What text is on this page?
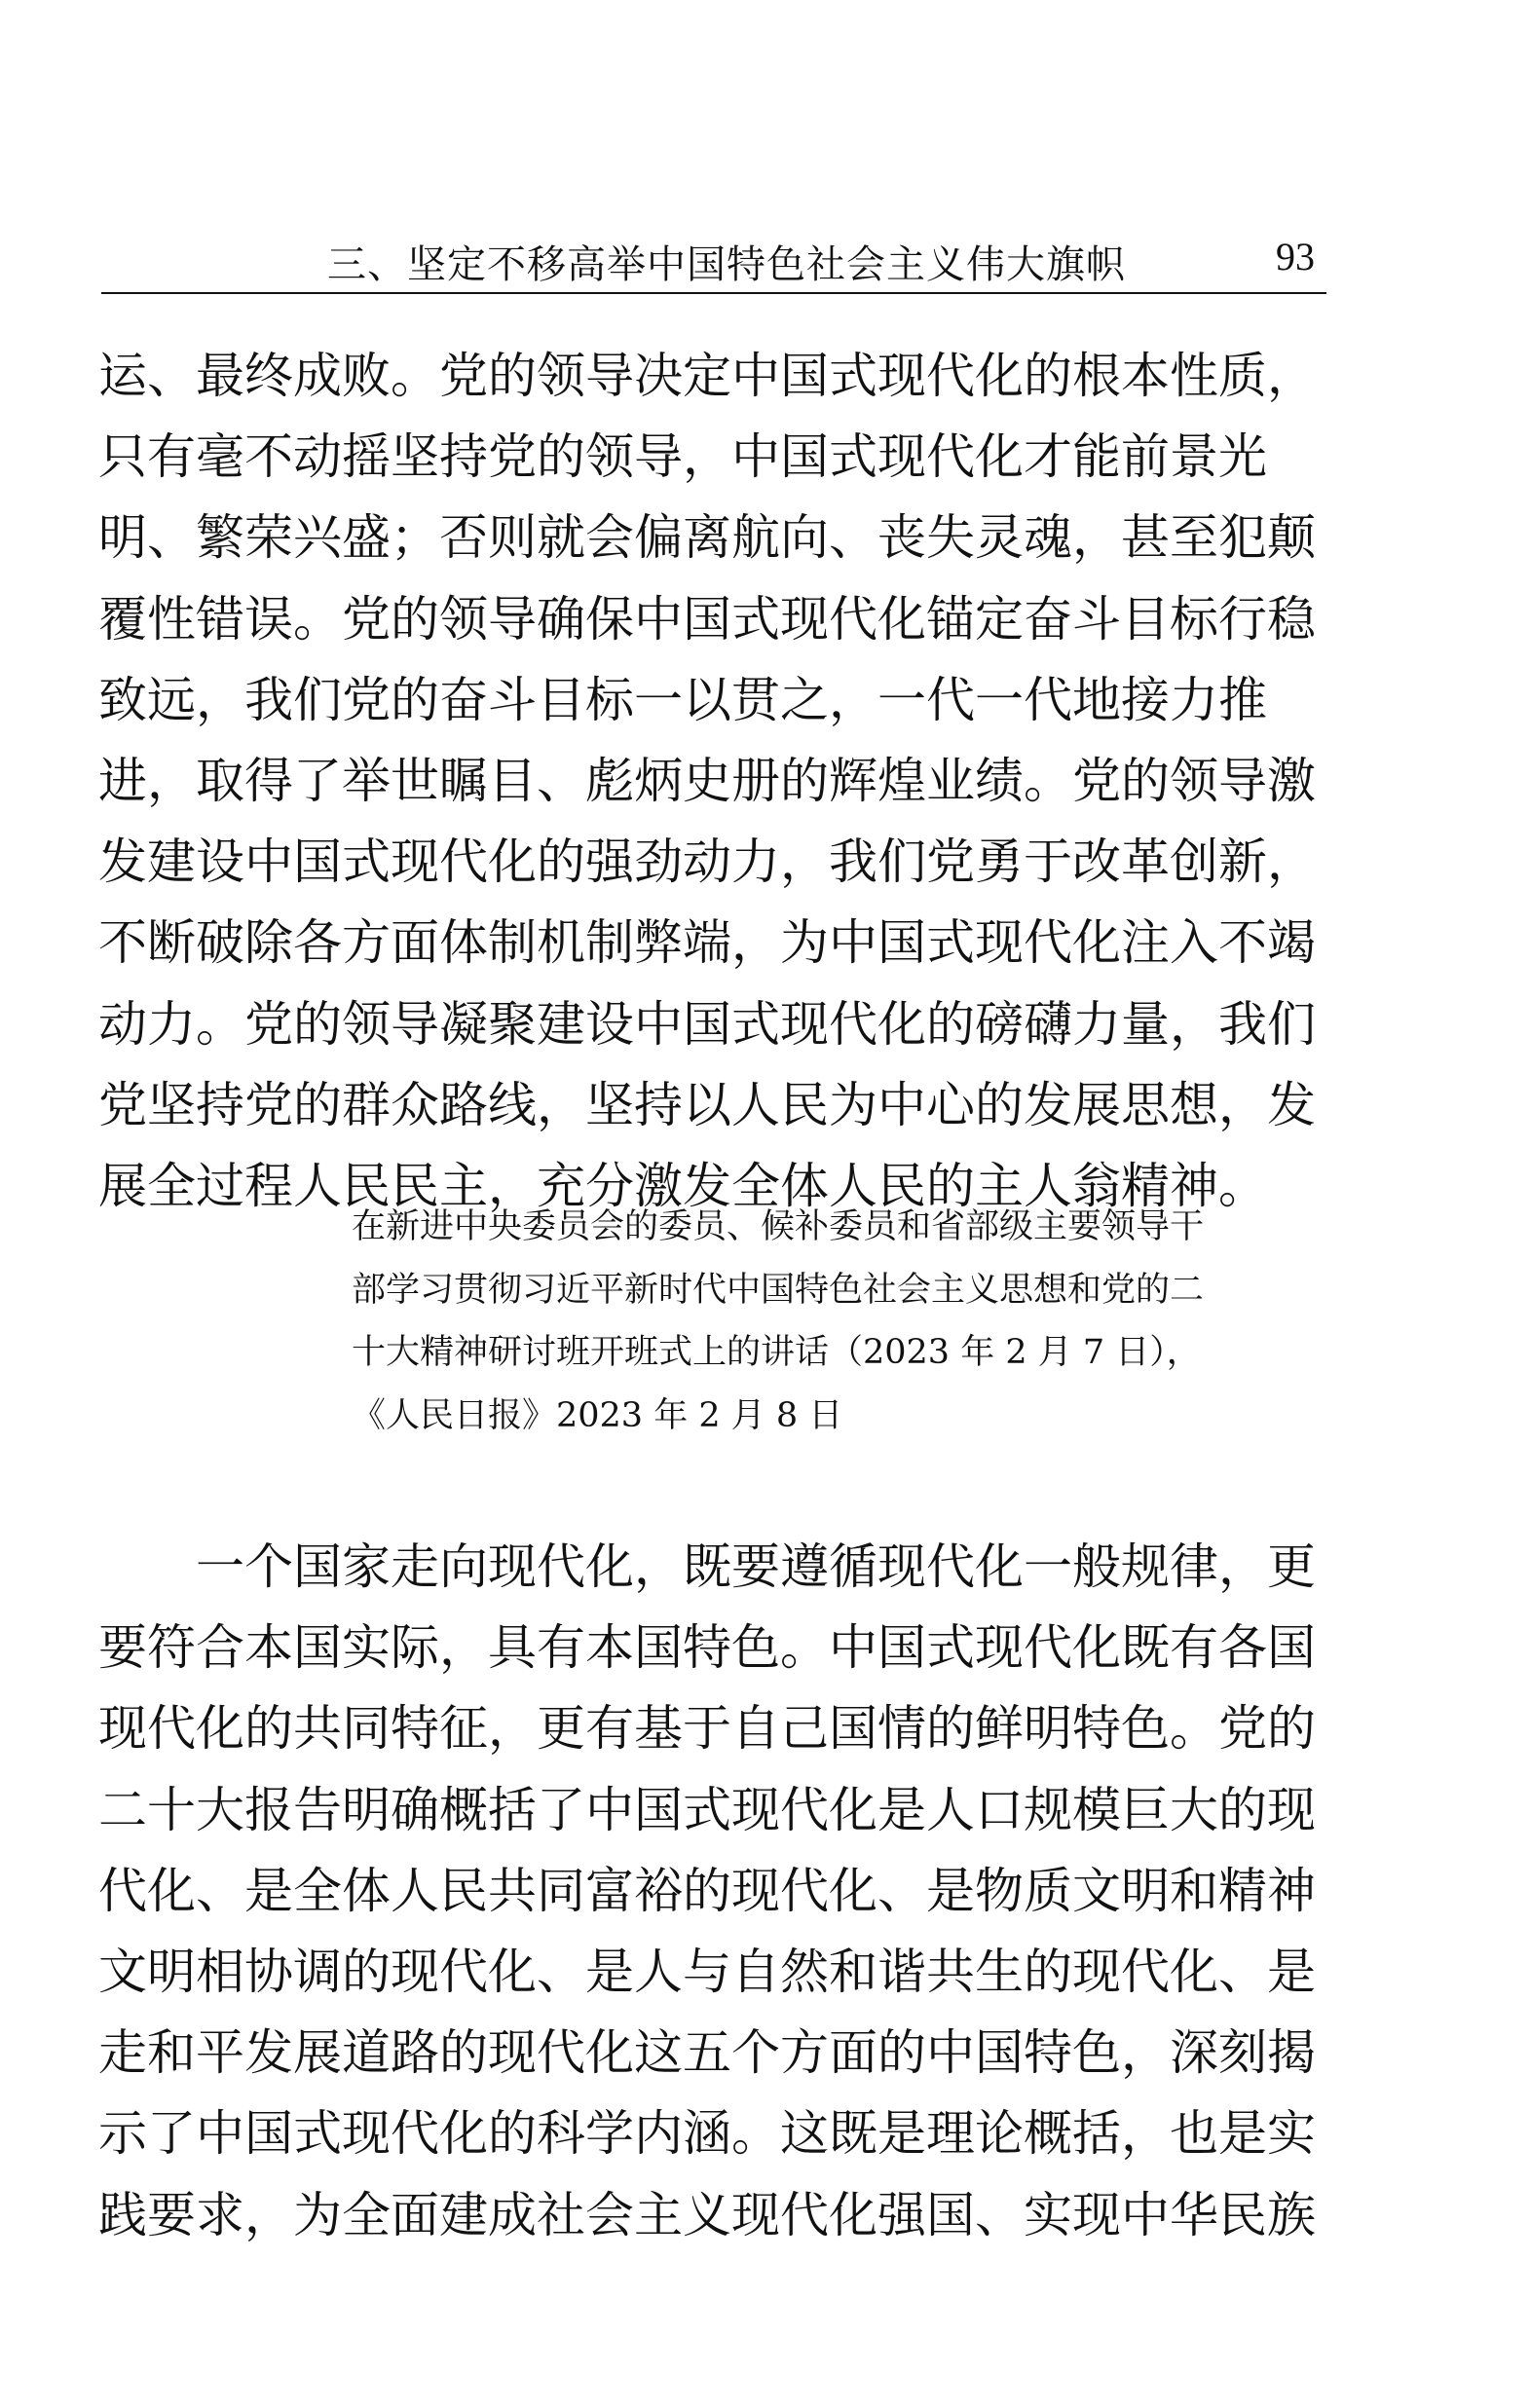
三、坚定不移高举中国特色社会主义伟大旗帜	93

运、最终成败。党的领导决定中国式现代化的根本性质，

只有毫不动摇坚持党的领导，中国式现代化才能前景光

明、繁荣兴盛；否则就会偏离航向、丧失灵魂，甚至犯颠

覆性错误。党的领导确保中国式现代化锚定奋斗目标行稳

致远，我们党的奋斗目标一以贯之，一代一代地接力推

进，取得了举世瞩目、彪炳史册的辉煌业绩。党的领导激

发建设中国式现代化的强劲动力，我们党勇于改革创新，

不断破除各方面体制机制弊端，为中国式现代化注入不竭

动力。党的领导凝聚建设中国式现代化的磅礴力量，我们

党坚持党的群众路线，坚持以人民为中心的发展思想，发

展全过程人民民主，充分激发全体人民的主人翁精神。

在新进中央委员会的委员、候补委员和省部级主要领导干

部学习贯彻习近平新时代中国特色社会主义思想和党的二

十大精神研讨班开班式上的讲话（2023 年 2 月 7 日），

《人民日报》2023 年 2 月 8 日

　　一个国家走向现代化，既要遵循现代化一般规律，更

要符合本国实际，具有本国特色。中国式现代化既有各国

现代化的共同特征，更有基于自己国情的鲜明特色。党的

二十大报告明确概括了中国式现代化是人口规模巨大的现

代化、是全体人民共同富裕的现代化、是物质文明和精神

文明相协调的现代化、是人与自然和谐共生的现代化、是

走和平发展道路的现代化这五个方面的中国特色，深刻揭

示了中国式现代化的科学内涵。这既是理论概括，也是实

践要求，为全面建成社会主义现代化强国、实现中华民族
